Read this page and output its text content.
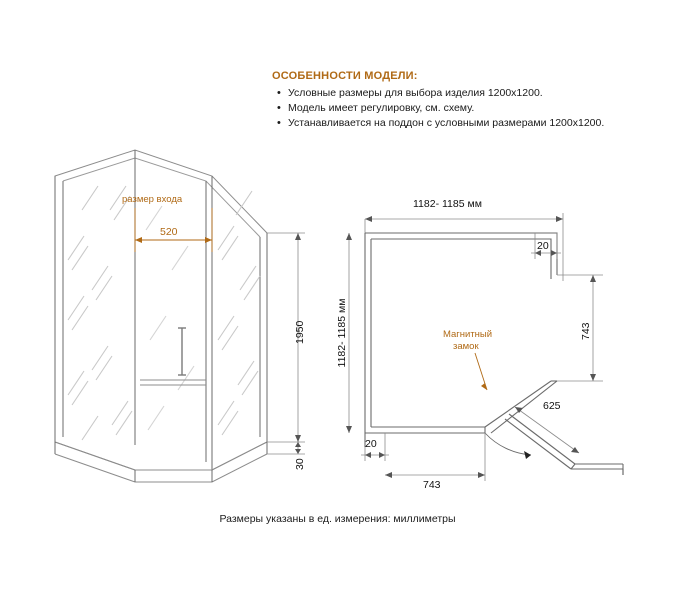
ОСОБЕННОСТИ МОДЕЛИ:
• Условные размеры для выбора изделия 1200х1200.
• Модель имеет регулировку, см. схему.
• Устанавливается на поддон с условными размерами 1200х1200.
размер входа
520
1950
30
1182- 1185 мм
20
743
1182- 1185 мм	Магнитный
замок
625
20
743
Размеры указаны в ед. измерения: миллиметры
